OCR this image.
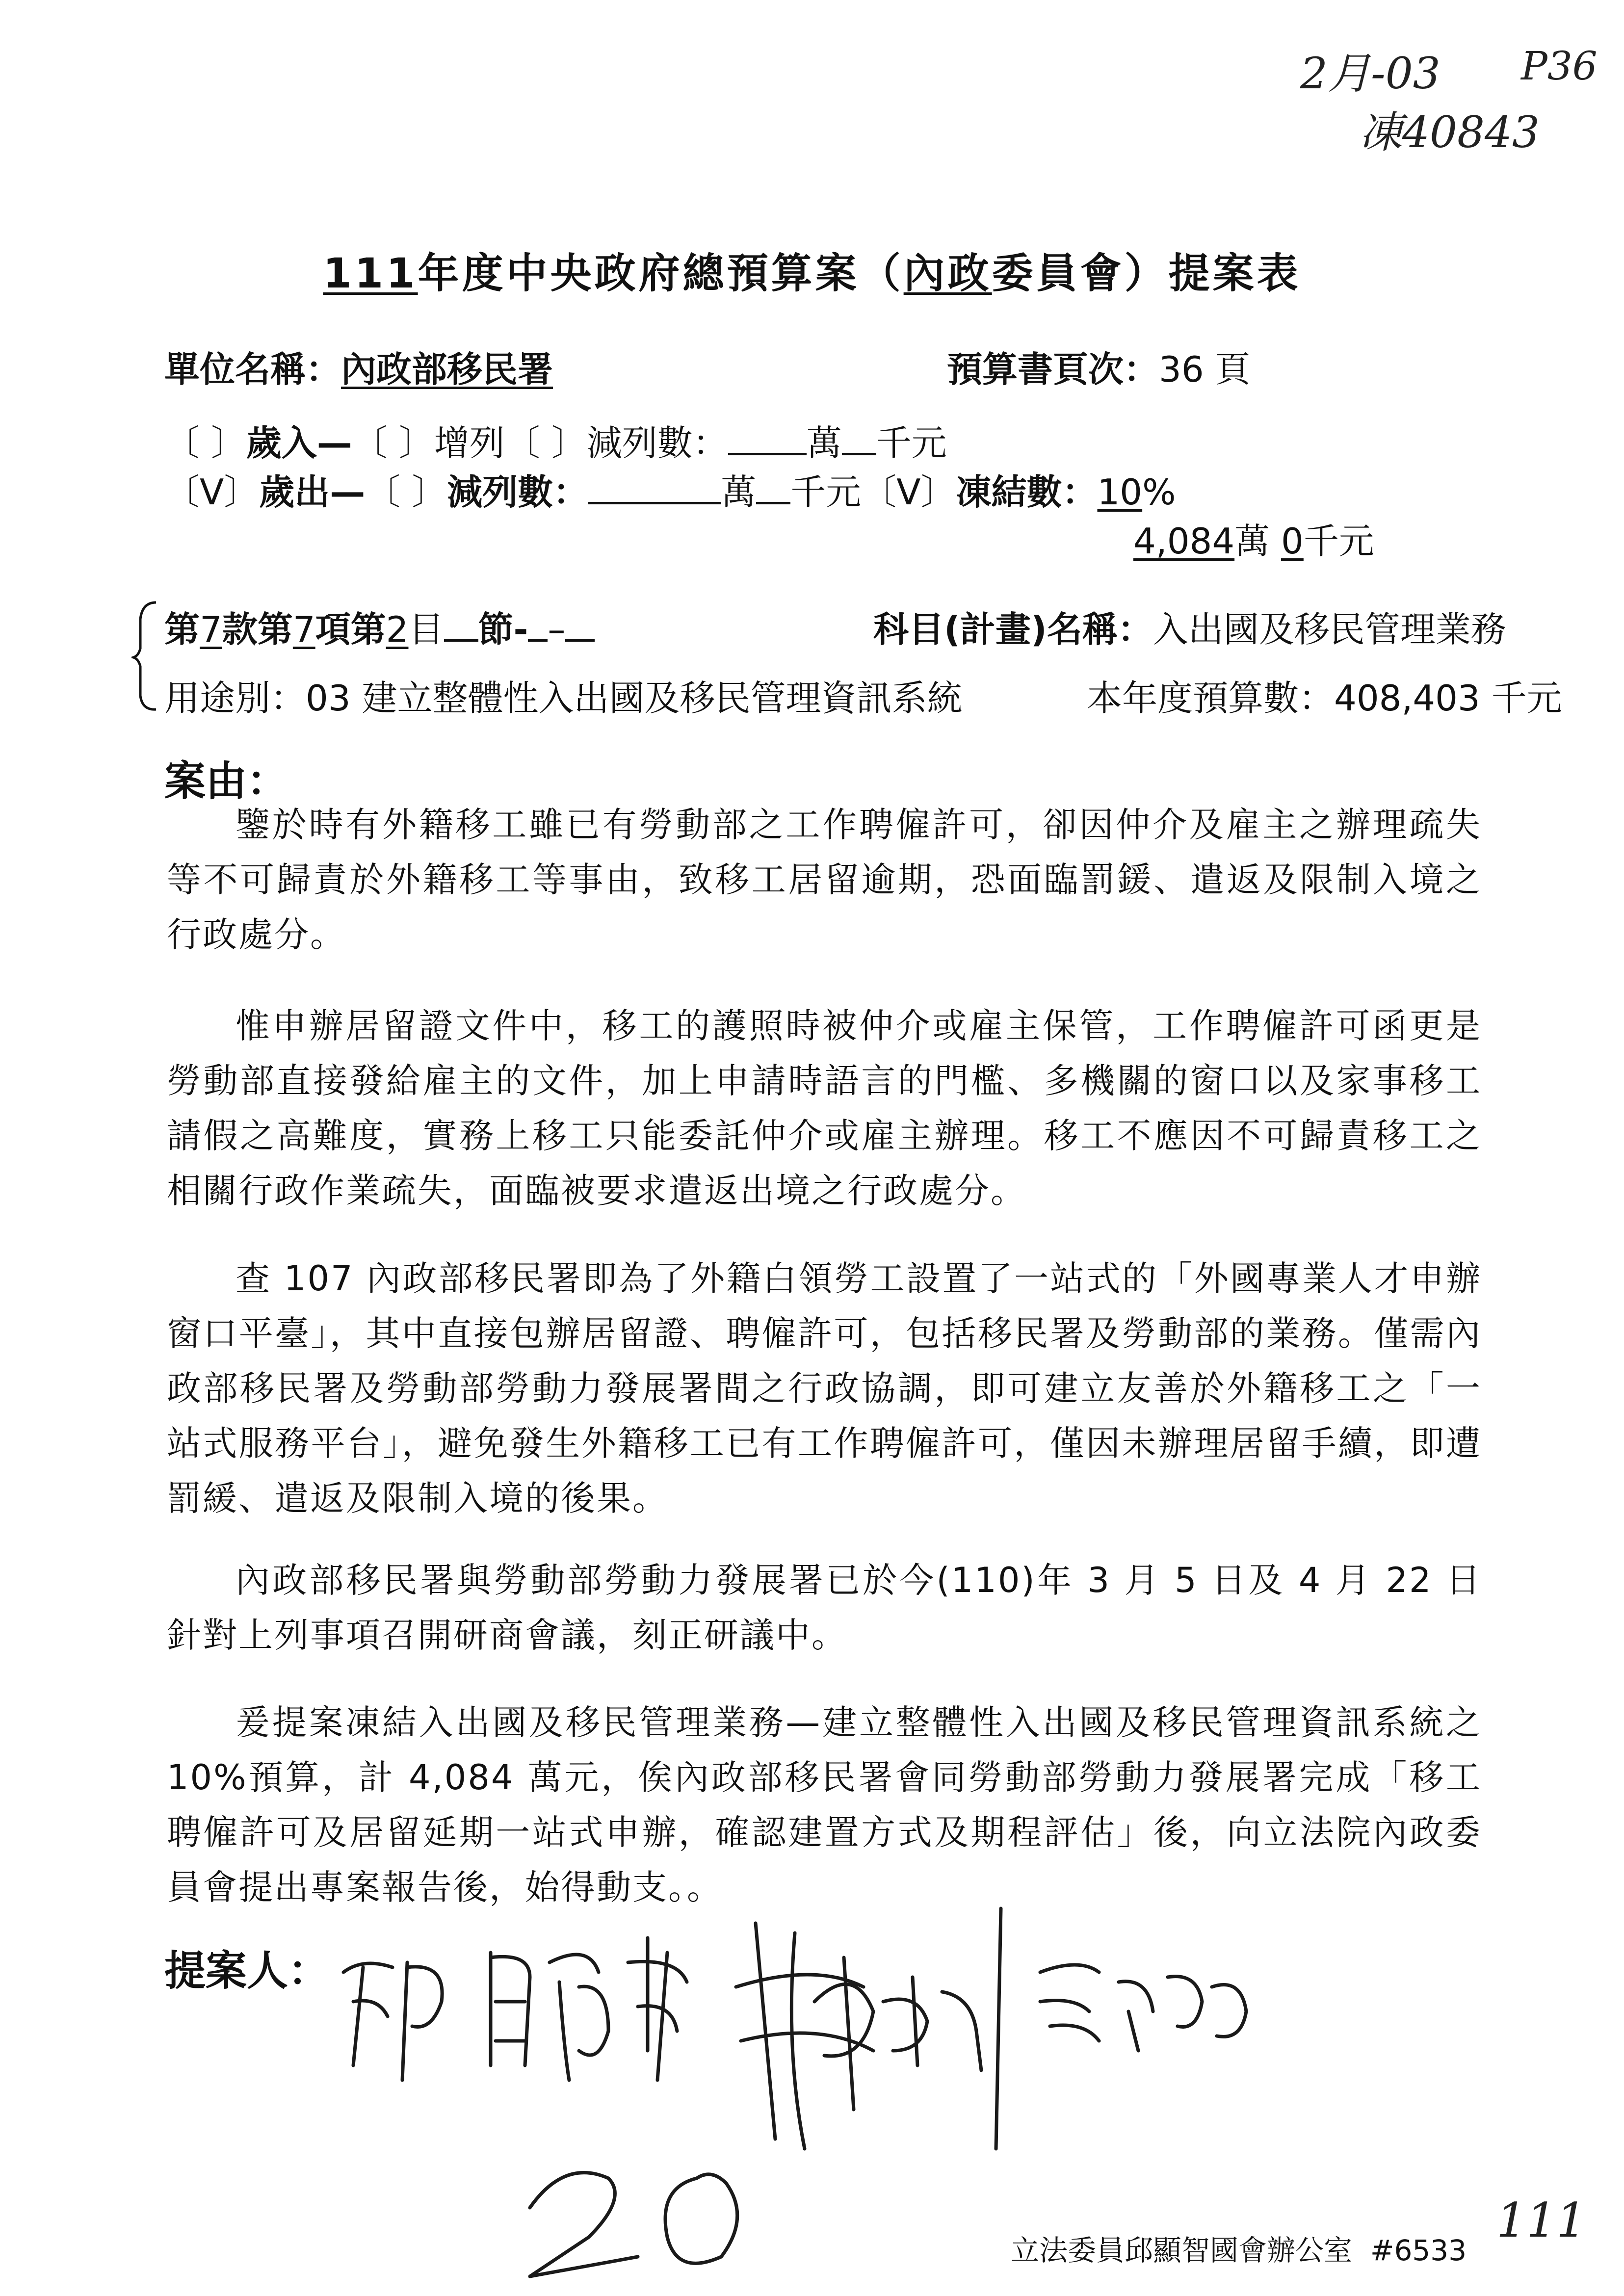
2月-03 P36
凍40843
111年度中央政府總預算案（內政委員會）提案表
單位名稱：內政部移民署	預算書頁次：36 頁
〔 〕歲入—〔 〕增列〔 〕減列數： 萬 千元
〔V〕歲出—〔 〕減列數：	萬 千元〔V〕凍結數：10%
4,084萬 0千元
第7款第7項第2目 節- –	科目(計畫)名稱：入出國及移民管理業務
用途別：03 建立整體性入出國及移民管理資訊系統	本年度預算數：408,403 千元
案由：
鑒於時有外籍移工雖已有勞動部之工作聘僱許可，卻因仲介及雇主之辦理疏失等不可歸責於外籍移工等事由，致移工居留逾期，恐面臨罰鍰、遣返及限制入境之行政處分。
惟申辦居留證文件中，移工的護照時被仲介或雇主保管，工作聘僱許可函更是勞動部直接發給雇主的文件，加上申請時語言的門檻、多機關的窗口以及家事移工請假之高難度，實務上移工只能委託仲介或雇主辦理。移工不應因不可歸責移工之相關行政作業疏失，面臨被要求遣返出境之行政處分。
查 107 內政部移民署即為了外籍白領勞工設置了一站式的「外國專業人才申辦窗口平臺」，其中直接包辦居留證、聘僱許可，包括移民署及勞動部的業務。僅需內政部移民署及勞動部勞動力發展署間之行政協調，即可建立友善於外籍移工之「一站式服務平台」，避免發生外籍移工已有工作聘僱許可，僅因未辦理居留手續，即遭罰緩、遣返及限制入境的後果。
內政部移民署與勞動部勞動力發展署已於今(110)年 3 月 5 日及 4 月 22 日針對上列事項召開研商會議，刻正研議中。
爰提案凍結入出國及移民管理業務—建立整體性入出國及移民管理資訊系統之 10%預算，計 4,084 萬元，俟內政部移民署會同勞動部勞動力發展署完成「移工聘僱許可及居留延期一站式申辦，確認建置方式及期程評估」後，向立法院內政委員會提出專案報告後，始得動支。。
提案人：
20
立法委員邱顯智國會辦公室 #6533
111
